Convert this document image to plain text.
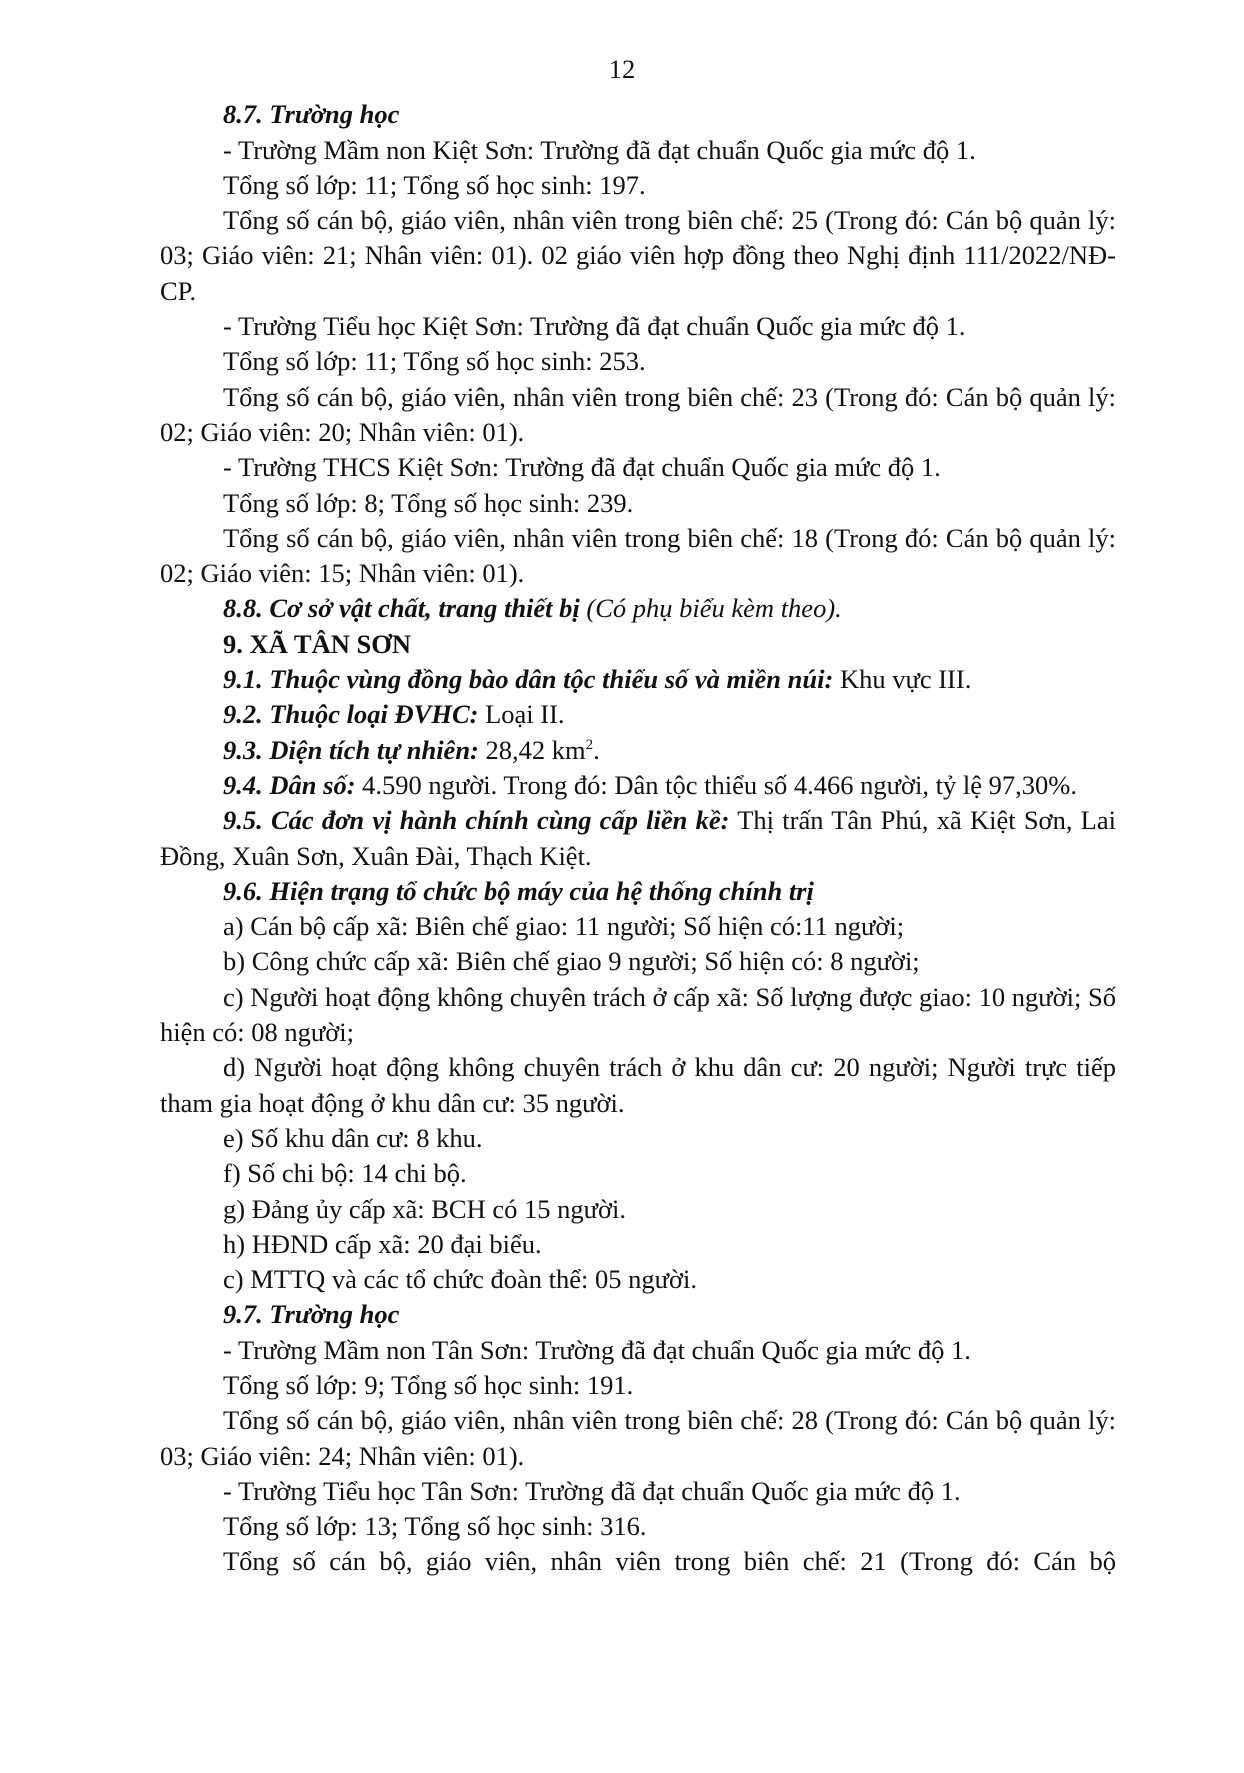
12

8.7. Trường học

- Trường Mầm non Kiệt Sơn: Trường đã đạt chuẩn Quốc gia mức độ 1.

Tổng số lớp: 11; Tổng số học sinh: 197.

Tổng số cán bộ, giáo viên, nhân viên trong biên chế: 25 (Trong đó: Cán bộ quản lý: 03; Giáo viên: 21; Nhân viên: 01). 02 giáo viên hợp đồng theo Nghị định 111/2022/NĐ-CP.

- Trường Tiểu học Kiệt Sơn: Trường đã đạt chuẩn Quốc gia mức độ 1.

Tổng số lớp: 11; Tổng số học sinh: 253.

Tổng số cán bộ, giáo viên, nhân viên trong biên chế: 23 (Trong đó: Cán bộ quản lý: 02; Giáo viên: 20; Nhân viên: 01).

- Trường THCS Kiệt Sơn: Trường đã đạt chuẩn Quốc gia mức độ 1.

Tổng số lớp: 8; Tổng số học sinh: 239.

Tổng số cán bộ, giáo viên, nhân viên trong biên chế: 18 (Trong đó: Cán bộ quản lý: 02; Giáo viên: 15; Nhân viên: 01).

8.8. Cơ sở vật chất, trang thiết bị (Có phụ biểu kèm theo).

9. XÃ TÂN SƠN

9.1. Thuộc vùng đồng bào dân tộc thiểu số và miền núi: Khu vực III.

9.2. Thuộc loại ĐVHC: Loại II.

9.3. Diện tích tự nhiên: 28,42 $km^2$.

9.4. Dân số: 4.590 người. Trong đó: Dân tộc thiểu số 4.466 người, tỷ lệ 97,30%.

9.5. Các đơn vị hành chính cùng cấp liền kề: Thị trấn Tân Phú, xã Kiệt Sơn, Lai Đồng, Xuân Sơn, Xuân Đài, Thạch Kiệt.

9.6. Hiện trạng tổ chức bộ máy của hệ thống chính trị

a) Cán bộ cấp xã: Biên chế giao: 11 người; Số hiện có:11 người;

b) Công chức cấp xã: Biên chế giao 9 người; Số hiện có: 8 người;

c) Người hoạt động không chuyên trách ở cấp xã: Số lượng được giao: 10 người; Số hiện có: 08 người;

d) Người hoạt động không chuyên trách ở khu dân cư: 20 người; Người trực tiếp tham gia hoạt động ở khu dân cư: 35 người.

e) Số khu dân cư: 8 khu.

f) Số chi bộ: 14 chi bộ.

g) Đảng ủy cấp xã: BCH có 15 người.

h) HĐND cấp xã: 20 đại biểu.

c) MTTQ và các tổ chức đoàn thể: 05 người.

9.7. Trường học

- Trường Mầm non Tân Sơn: Trường đã đạt chuẩn Quốc gia mức độ 1.

Tổng số lớp: 9; Tổng số học sinh: 191.

Tổng số cán bộ, giáo viên, nhân viên trong biên chế: 28 (Trong đó: Cán bộ quản lý: 03; Giáo viên: 24; Nhân viên: 01).

- Trường Tiểu học Tân Sơn: Trường đã đạt chuẩn Quốc gia mức độ 1.

Tổng số lớp: 13; Tổng số học sinh: 316.

Tổng số cán bộ, giáo viên, nhân viên trong biên chế: 21 (Trong đó: Cán bộ
